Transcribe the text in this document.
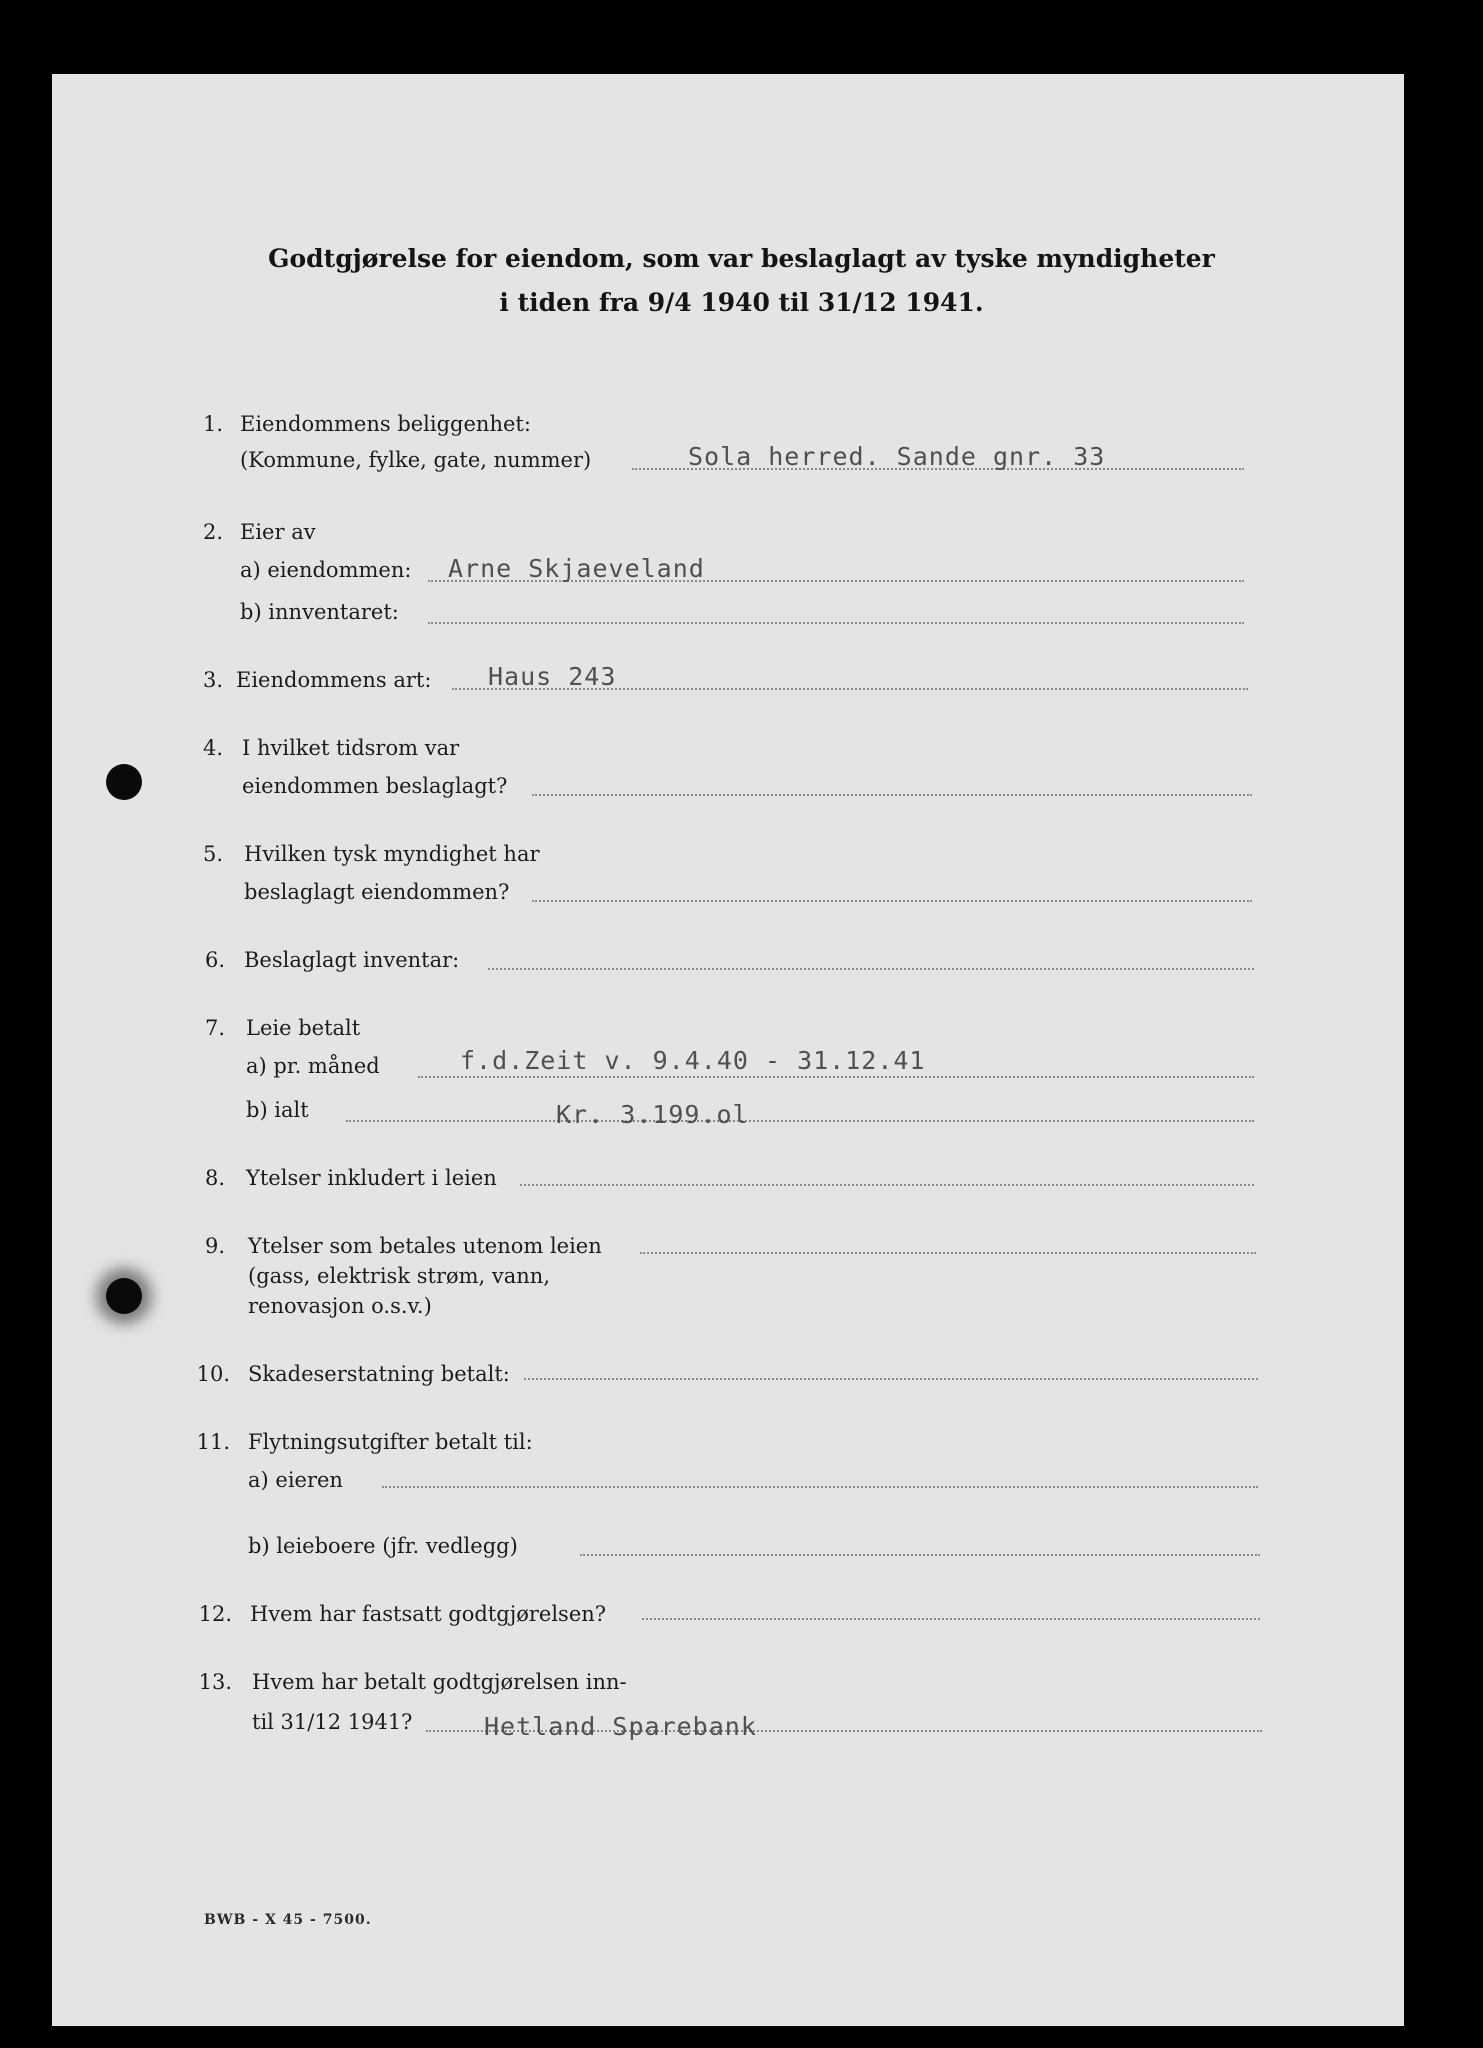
Godtgjørelse for eiendom, som var beslaglagt av tyske myndigheter
i tiden fra 9/4 1940 til 31/12 1941.
1. Eiendommens beliggenhet:
(Kommune, fylke, gate, nummer)	Sola herred. Sande gnr. 33
2. Eier av
a) eiendommen: Arne Skjaeveland
b) innventaret:
3. Eiendommens art: Haus 243
4. I hvilket tidsrom var
eiendommen beslaglagt?
5. Hvilken tysk myndighet har
beslaglagt eiendommen?
6. Beslaglagt inventar:
7. Leie betalt
a) pr. måned	f.d.Zeit v. 9.4.40 - 31.12.41
b) ialt	Kr. 3.199.ol
8. Ytelser inkludert i leien
9. Ytelser som betales utenom leien
(gass, elektrisk strøm, vann,
renovasjon o.s.v.)
10. Skadeserstatning betalt:
11. Flytningsutgifter betalt til:
a) eieren
b) leieboere (jfr. vedlegg)
12. Hvem har fastsatt godtgjørelsen?
13. Hvem har betalt godtgjørelsen inn-
til 31/12 1941?	Hetland Sparebank
BWB - X 45 - 7500.
